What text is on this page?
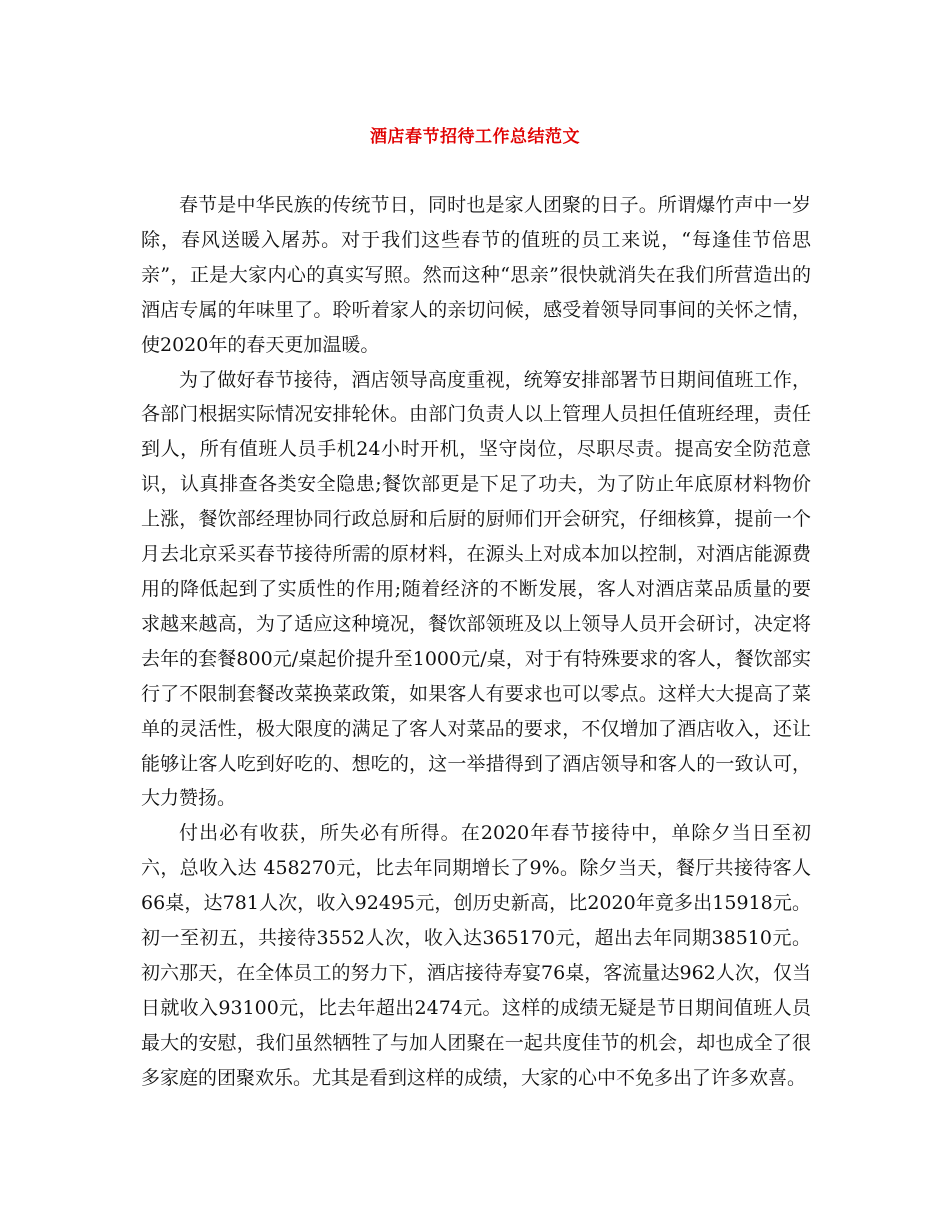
酒店春节招待工作总结范文

春节是中华民族的传统节日，同时也是家人团聚的日子。所谓爆竹声中一岁除，春风送暖入屠苏。对于我们这些春节的值班的员工来说，“每逢佳节倍思亲”，正是大家内心的真实写照。然而这种“思亲”很快就消失在我们所营造出的酒店专属的年味里了。聆听着家人的亲切问候，感受着领导同事间的关怀之情，使2020年的春天更加温暖。

为了做好春节接待，酒店领导高度重视，统筹安排部署节日期间值班工作，各部门根据实际情况安排轮休。由部门负责人以上管理人员担任值班经理，责任到人，所有值班人员手机24小时开机，坚守岗位，尽职尽责。提高安全防范意识，认真排查各类安全隐患;餐饮部更是下足了功夫，为了防止年底原材料物价上涨，餐饮部经理协同行政总厨和后厨的厨师们开会研究，仔细核算，提前一个月去北京采买春节接待所需的原材料，在源头上对成本加以控制，对酒店能源费用的降低起到了实质性的作用;随着经济的不断发展，客人对酒店菜品质量的要求越来越高，为了适应这种境况，餐饮部领班及以上领导人员开会研讨，决定将去年的套餐800元/桌起价提升至1000元/桌，对于有特殊要求的客人，餐饮部实行了不限制套餐改菜换菜政策，如果客人有要求也可以零点。这样大大提高了菜单的灵活性，极大限度的满足了客人对菜品的要求，不仅增加了酒店收入，还让能够让客人吃到好吃的、想吃的，这一举措得到了酒店领导和客人的一致认可，大力赞扬。

付出必有收获，所失必有所得。在2020年春节接待中，单除夕当日至初六，总收入达 458270元，比去年同期增长了9%。除夕当天，餐厅共接待客人66桌，达781人次，收入92495元，创历史新高，比2020年竟多出15918元。初一至初五，共接待3552人次，收入达365170元，超出去年同期38510元。初六那天，在全体员工的努力下，酒店接待寿宴76桌，客流量达962人次，仅当日就收入93100元，比去年超出2474元。这样的成绩无疑是节日期间值班人员最大的安慰，我们虽然牺牲了与加人团聚在一起共度佳节的机会，却也成全了很多家庭的团聚欢乐。尤其是看到这样的成绩，大家的心中不免多出了许多欢喜。
